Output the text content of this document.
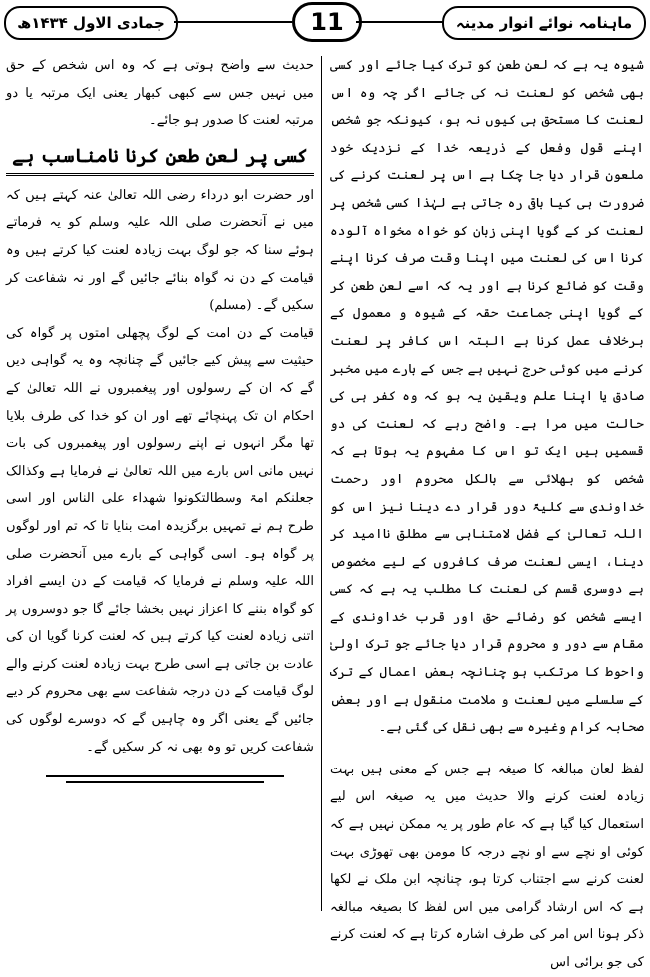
جمادی الاول ۱۴۳۴ھ	11	ماہنامہ نوائے انوار مدینہ

شیوہ یہ ہے کہ لعن طعن کو ترک کیا جائے اور کسی بھی شخص کو لعنت نہ کی جائے اگر چہ وہ اس لعنت کا مستحق ہی کیوں نہ ہو، کیونکہ جو شخص اپنے قول وفعل کے ذریعہ خدا کے نزدیک خود ملعون قرار دیا جا چکا ہے اس پر لعنت کرنے کی ضرورت ہی کیا باقی رہ جاتی ہے لہٰذا کسی شخص پر لعنت کر کے گویا اپنی زبان کو خواہ مخواہ آلودہ کرنا اس کی لعنت میں اپنا وقت صرف کرنا اپنے وقت کو ضائع کرنا ہے اور یہ کہ اسے لعن طعن کر کے گویا اپنی جماعت حقہ کے شیوہ و معمول کے برخلاف عمل کرنا ہے البتہ اس کافر پر لعنت کرنے میں کوئی حرج نہیں ہے جس کے بارے میں مخبر صادق یا اپنا علم ویقین یہ ہو کہ وہ کفر ہی کی حالت میں مرا ہے۔ واضح رہے کہ لعنت کی دو قسمیں ہیں ایک تو اس کا مفہوم یہ ہوتا ہے کہ شخص کو بھلائی سے بالکل محروم اور رحمت خداوندی سے کلیۃً دور قرار دے دینا نیز اس کو اللہ تعالیٰ کے فضل لامتناہی سے مطلق ناامید کر دینا، ایسی لعنت صرف کافروں کے لیے مخصوص ہے دوسری قسم کی لعنت کا مطلب یہ ہے کہ کسی ایسے شخص کو رضائے حق اور قرب خداوندی کے مقام سے دور و محروم قرار دیا جائے جو ترک اولیٰ واحوط کا مرتکب ہو چنانچہ بعض اعمال کے ترک کے سلسلے میں لعنت و ملامت منقول ہے اور بعض صحابہ کرام وغیرہ سے بھی نقل کی گئی ہے۔

لفظ لعان مبالغہ کا صیغہ ہے جس کے معنی ہیں بہت زیادہ لعنت کرنے والا حدیث میں یہ صیغہ اس لیے استعمال کیا گیا ہے کہ عام طور پر یہ ممکن نہیں ہے کہ کوئی او نچے سے او نچے درجہ کا مومن بھی تھوڑی بہت لعنت کرنے سے اجتناب کرتا ہو، چنانچہ ابن ملک نے لکھا ہے کہ اس ارشاد گرامی میں اس لفظ کا بصیغہ مبالغہ ذکر ہونا اس امر کی طرف اشارہ کرتا ہے کہ لعنت کرنے کی جو برائی اس

حدیث سے واضح ہوتی ہے کہ وہ اس شخص کے حق میں نہیں جس سے کبھی کبھار یعنی ایک مرتبہ یا دو مرتبہ لعنت کا صدور ہو جائے۔

کسی پر لعن طعن کرنا نامناسب ہے

اور حضرت ابو درداء رضی اللہ تعالیٰ عنہ کہتے ہیں کہ میں نے آنحضرت صلی اللہ علیہ وسلم کو یہ فرماتے ہوئے سنا کہ جو لوگ بہت زیادہ لعنت کیا کرتے ہیں وہ قیامت کے دن نہ گواہ بنائے جائیں گے اور نہ شفاعت کر سکیں گے۔ (مسلم)

قیامت کے دن امت کے لوگ پچھلی امتوں پر گواہ کی حیثیت سے پیش کیے جائیں گے چنانچہ وہ یہ گواہی دیں گے کہ ان کے رسولوں اور پیغمبروں نے اللہ تعالیٰ کے احکام ان تک پہنچائے تھے اور ان کو خدا کی طرف بلایا تھا مگر انہوں نے اپنے رسولوں اور پیغمبروں کی بات نہیں مانی اس بارے میں اللہ تعالیٰ نے فرمایا ہے وکذالک جعلنکم امۃ وسطالتکونوا شھداء علی الناس اور اسی طرح ہم نے تمہیں برگزیدہ امت بنایا تا کہ تم اور لوگوں پر گواہ ہو۔ اسی گواہی کے بارے میں آنحضرت صلی اللہ علیہ وسلم نے فرمایا کہ قیامت کے دن ایسے افراد کو گواہ بننے کا اعزاز نہیں بخشا جائے گا جو دوسروں پر اتنی زیادہ لعنت کیا کرتے ہیں کہ لعنت کرنا گویا ان کی عادت بن جاتی ہے اسی طرح بہت زیادہ لعنت کرنے والے لوگ قیامت کے دن درجہ شفاعت سے بھی محروم کر دیے جائیں گے یعنی اگر وہ چاہیں گے کہ دوسرے لوگوں کی شفاعت کریں تو وہ بھی نہ کر سکیں گے۔
